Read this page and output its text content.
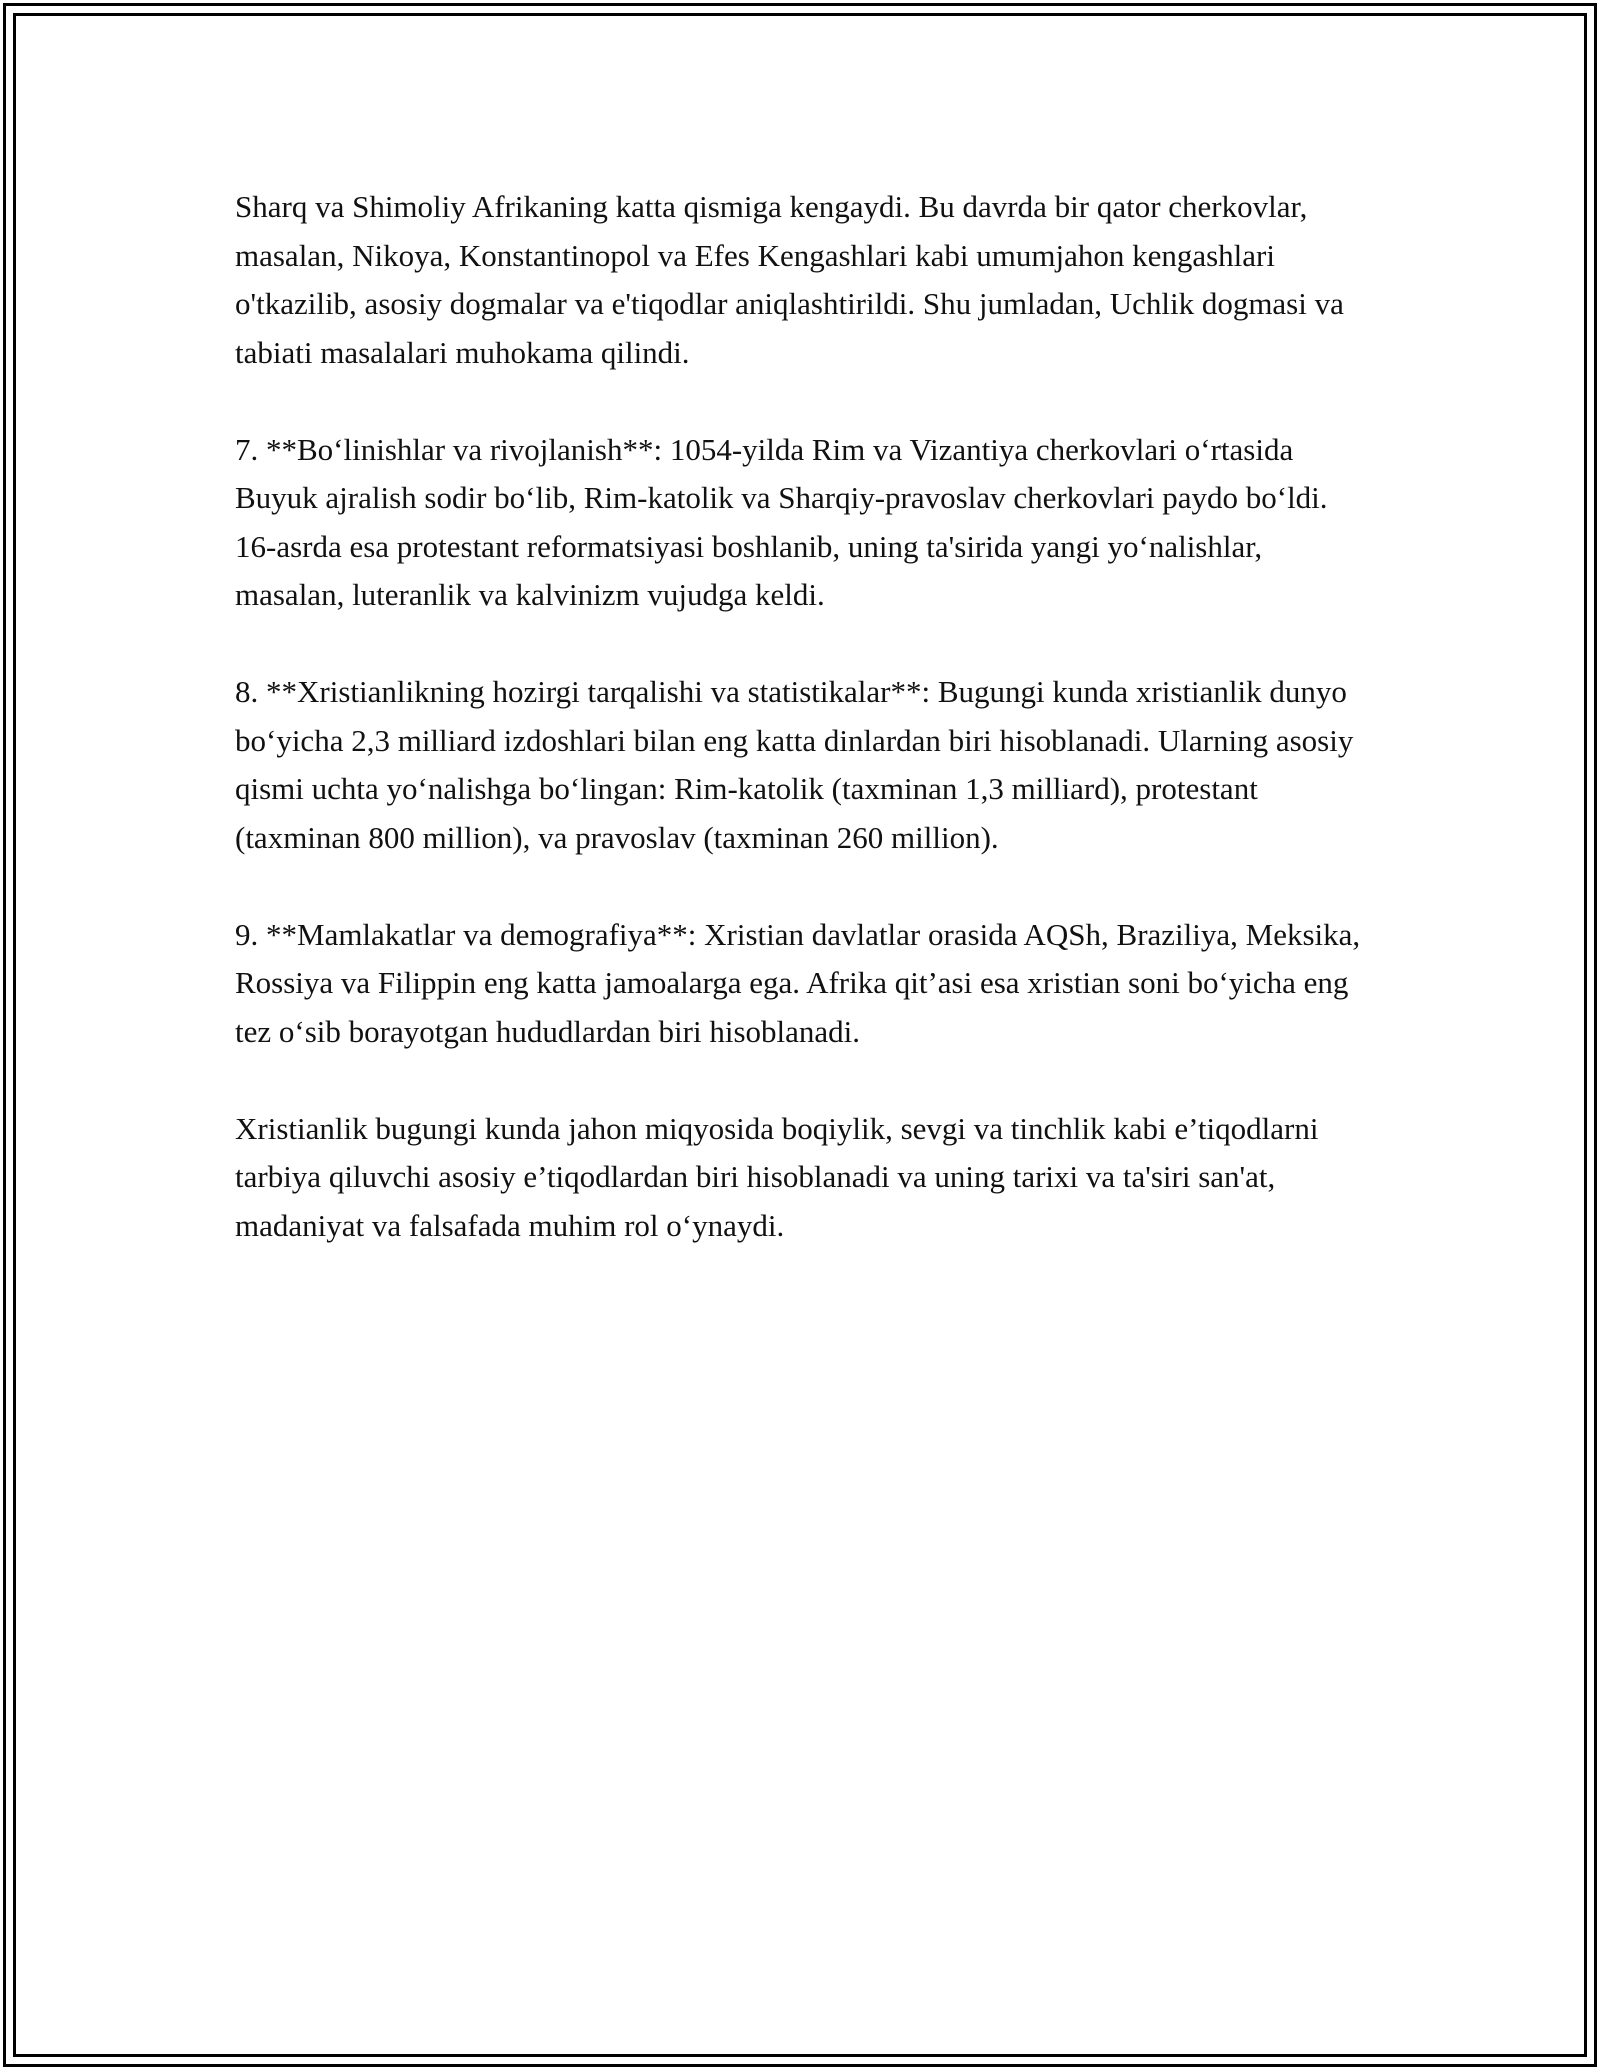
Sharq va Shimoliy Afrikaning katta qismiga kengaydi. Bu davrda bir qator cherkovlar, masalan, Nikoya, Konstantinopol va Efes Kengashlari kabi umumjahon kengashlari o'tkazilib, asosiy dogmalar va e'tiqodlar aniqlashtirildi. Shu jumladan, Uchlik dogmasi va tabiati masalalari muhokama qilindi.

7. **Bo‘linishlar va rivojlanish**: 1054-yilda Rim va Vizantiya cherkovlari o‘rtasida Buyuk ajralish sodir bo‘lib, Rim-katolik va Sharqiy-pravoslav cherkovlari paydo bo‘ldi. 16-asrda esa protestant reformatsiyasi boshlanib, uning ta'sirida yangi yo‘nalishlar, masalan, luteranlik va kalvinizm vujudga keldi.

8. **Xristianlikning hozirgi tarqalishi va statistikalar**: Bugungi kunda xristianlik dunyo bo‘yicha 2,3 milliard izdoshlari bilan eng katta dinlardan biri hisoblanadi. Ularning asosiy qismi uchta yo‘nalishga bo‘lingan: Rim-katolik (taxminan 1,3 milliard), protestant (taxminan 800 million), va pravoslav (taxminan 260 million).

9. **Mamlakatlar va demografiya**: Xristian davlatlar orasida AQSh, Braziliya, Meksika, Rossiya va Filippin eng katta jamoalarga ega. Afrika qit’asi esa xristian soni bo‘yicha eng tez o‘sib borayotgan hududlardan biri hisoblanadi.

Xristianlik bugungi kunda jahon miqyosida boqiylik, sevgi va tinchlik kabi e’tiqodlarni tarbiya qiluvchi asosiy e’tiqodlardan biri hisoblanadi va uning tarixi va ta'siri san'at, madaniyat va falsafada muhim rol o‘ynaydi.
